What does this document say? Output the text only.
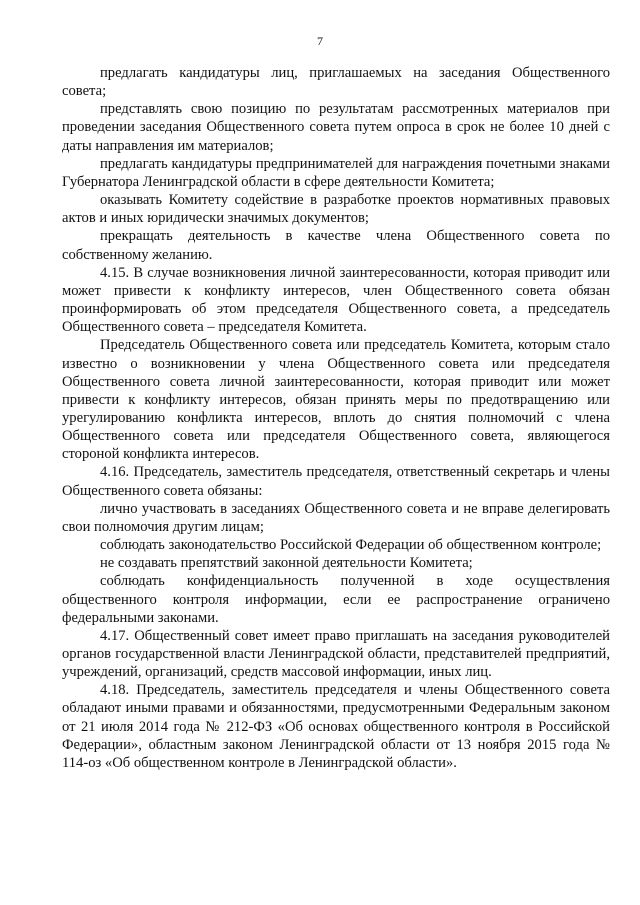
7

предлагать кандидатуры лиц, приглашаемых на заседания Общественного совета;

представлять свою позицию по результатам рассмотренных материалов при проведении заседания Общественного совета путем опроса в срок не более 10 дней с даты направления им материалов;

предлагать кандидатуры предпринимателей для награждения почетными знаками Губернатора Ленинградской области в сфере деятельности Комитета;

оказывать Комитету содействие в разработке проектов нормативных правовых актов и иных юридически значимых документов;

прекращать деятельность в качестве члена Общественного совета по собственному желанию.

4.15. В случае возникновения личной заинтересованности, которая приводит или может привести к конфликту интересов, член Общественного совета обязан проинформировать об этом председателя Общественного совета, а председатель Общественного совета – председателя Комитета.

Председатель Общественного совета или председатель Комитета, которым стало известно о возникновении у члена Общественного совета или председателя Общественного совета личной заинтересованности, которая приводит или может привести к конфликту интересов, обязан принять меры по предотвращению или урегулированию конфликта интересов, вплоть до снятия полномочий с члена Общественного совета или председателя Общественного совета, являющегося стороной конфликта интересов.

4.16. Председатель, заместитель председателя, ответственный секретарь и члены Общественного совета обязаны:

лично участвовать в заседаниях Общественного совета и не вправе делегировать свои полномочия другим лицам;

соблюдать законодательство Российской Федерации об общественном контроле;

не создавать препятствий законной деятельности Комитета;

соблюдать конфиденциальность полученной в ходе осуществления общественного контроля информации, если ее распространение ограничено федеральными законами.

4.17. Общественный совет имеет право приглашать на заседания руководителей органов государственной власти Ленинградской области, представителей предприятий, учреждений, организаций, средств массовой информации, иных лиц.

4.18. Председатель, заместитель председателя и члены Общественного совета обладают иными правами и обязанностями, предусмотренными Федеральным законом от 21 июля 2014 года № 212-ФЗ «Об основах общественного контроля в Российской Федерации», областным законом Ленинградской области от 13 ноября 2015 года № 114-оз «Об общественном контроле в Ленинградской области».
